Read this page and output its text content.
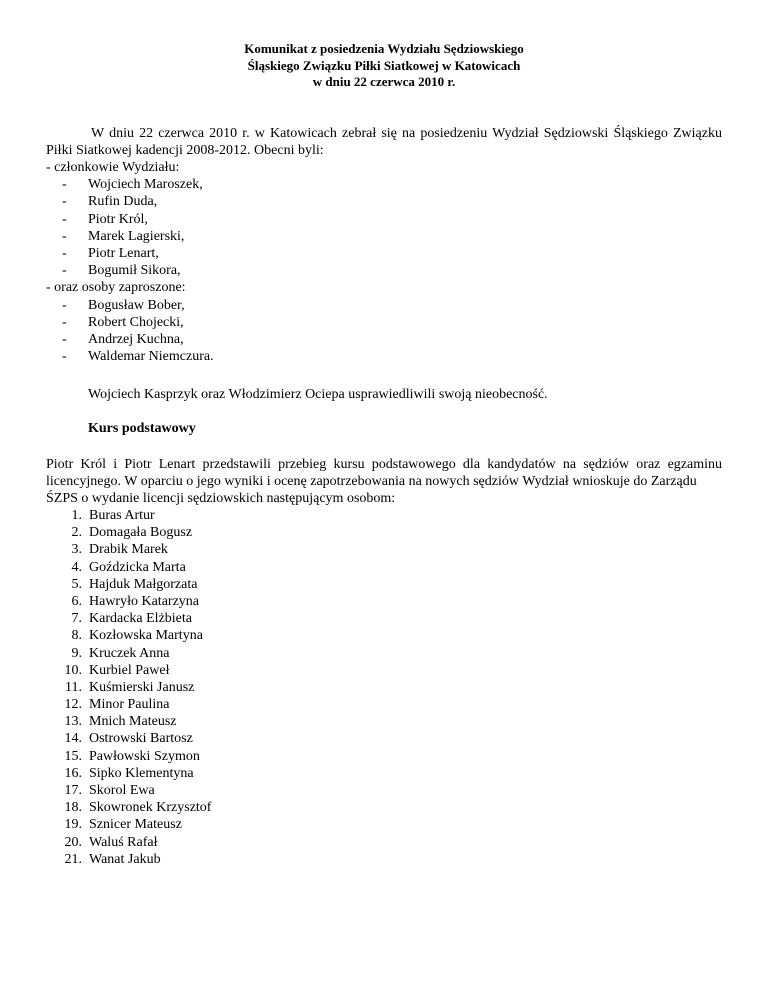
Komunikat z posiedzenia Wydziału Sędziowskiego
Śląskiego Związku Piłki Siatkowej w Katowicach
w dniu 22 czerwca 2010 r.
W dniu 22 czerwca 2010 r. w Katowicach zebrał się na posiedzeniu Wydział Sędziowski Śląskiego Związku Piłki Siatkowej kadencji 2008-2012. Obecni byli:
- członkowie Wydziału:
- Wojciech Maroszek,
- Rufin Duda,
- Piotr Król,
- Marek Lagierski,
- Piotr Lenart,
- Bogumił Sikora,
- oraz osoby zaproszone:
- Bogusław Bober,
- Robert Chojecki,
- Andrzej Kuchna,
- Waldemar Niemczura.
Wojciech Kasprzyk oraz Włodzimierz Ociepa usprawiedliwili swoją nieobecność.
Kurs podstawowy
Piotr Król i Piotr Lenart przedstawili przebieg kursu podstawowego dla kandydatów na sędziów oraz egzaminu licencyjnego. W oparciu o jego wyniki i ocenę zapotrzebowania na nowych sędziów Wydział wnioskuje do Zarządu
ŚZPS o wydanie licencji sędziowskich następującym osobom:
1. Buras Artur
2. Domagała Bogusz
3. Drabik Marek
4. Goździcka Marta
5. Hajduk Małgorzata
6. Hawryło Katarzyna
7. Kardacka Elżbieta
8. Kozłowska Martyna
9. Kruczek Anna
10. Kurbiel Paweł
11. Kuśmierski Janusz
12. Minor Paulina
13. Mnich Mateusz
14. Ostrowski Bartosz
15. Pawłowski Szymon
16. Sipko Klementyna
17. Skorol Ewa
18. Skowronek Krzysztof
19. Sznicer Mateusz
20. Waluś Rafał
21. Wanat Jakub
